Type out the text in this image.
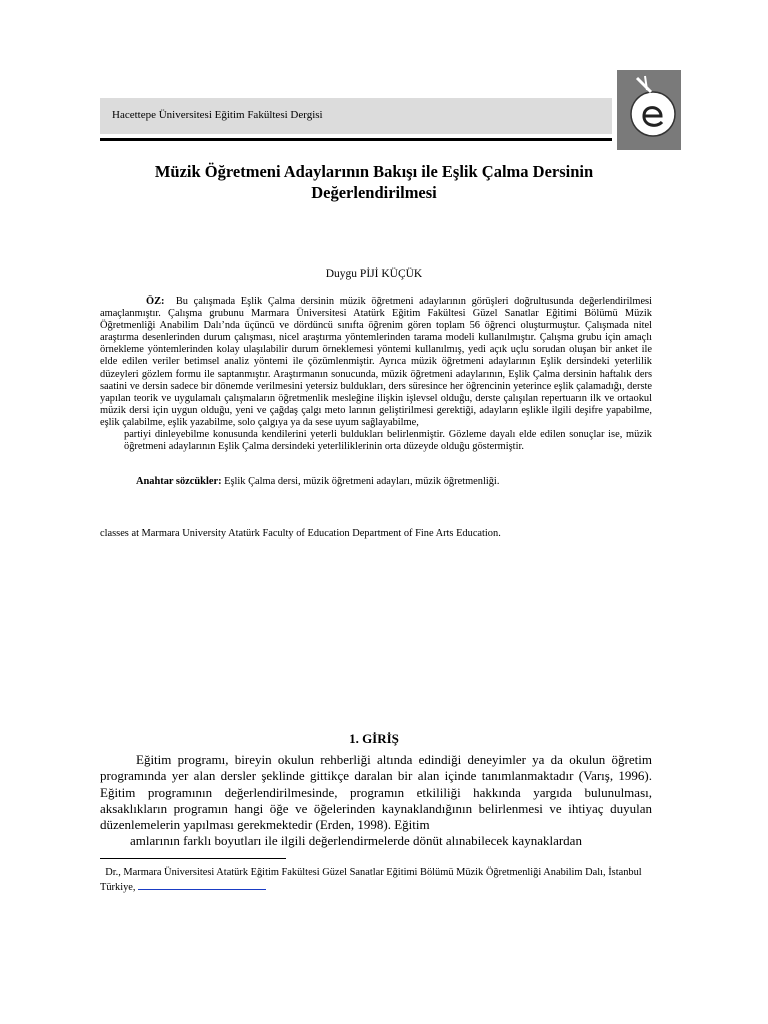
Hacettepe Üniversitesi Eğitim Fakültesi Dergisi
Müzik Öğretmeni Adaylarının Bakışı ile Eşlik Çalma Dersinin
Değerlendirilmesi
Duygu PİJİ KÜÇÜK

ÖZ: Bu çalışmada Eşlik Çalma dersinin müzik öğretmeni adaylarının görüşleri doğrultusunda değerlendirilmesi amaçlanmıştır. Çalışma grubunu Marmara Üniversitesi Atatürk Eğitim Fakültesi Güzel Sanatlar Eğitimi Bölümü Müzik Öğretmenliği Anabilim Dalı’nda üçüncü ve dördüncü sınıfta öğrenim gören toplam 56 öğrenci oluşturmuştur. Çalışmada nitel araştırma desenlerinden durum çalışması, nicel araştırma yöntemlerinden tarama modeli kullanılmıştır. Çalışma grubu için amaçlı örnekleme yöntemlerinden kolay ulaşılabilir durum örneklemesi yöntemi kullanılmış, yedi açık uçlu sorudan oluşan bir anket ile elde edilen veriler betimsel analiz yöntemi ile çözümlenmiştir. Ayrıca müzik öğretmeni adaylarının Eşlik dersindeki yeterlilik düzeyleri gözlem formu ile saptanmıştır. Araştırmanın sonucunda, müzik öğretmeni adaylarının, Eşlik Çalma dersinin haftalık ders saatini ve dersin sadece bir dönemde verilmesini yetersiz buldukları, ders süresince her öğrencinin yeterince eşlik çalamadığı, derste yapılan teorik ve uygulamalı çalışmaların öğretmenlik mesleğine ilişkin işlevsel olduğu, derste çalışılan repertuarın ilk ve ortaokul müzik dersi için uygun olduğu, yeni ve çağdaş çalgı meto larının geliştirilmesi gerektiği, adayların eşlikle ilgili deşifre yapabilme, eşlik çalabilme, eşlik yazabilme, solo çalgıya ya da sese uyum sağlayabilme,

partiyi dinleyebilme konusunda kendilerini yeterli buldukları belirlenmiştir. Gözleme dayalı elde edilen sonuçlar ise, müzik öğretmeni adaylarının Eşlik Çalma dersindeki yeterliliklerinin orta düzeyde olduğu göstermiştir.

Anahtar sözcükler: Eşlik Çalma dersi, müzik öğretmeni adayları, müzik öğretmenliği.
classes at Marmara University Atatürk Faculty of Education Department of Fine Arts Education.
1. GİRİŞ

Eğitim programı, bireyin okulun rehberliği altında edindiği deneyimler ya da okulun öğretim programında yer alan dersler şeklinde gittikçe daralan bir alan içinde tanımlanmaktadır (Varış, 1996). Eğitim programının değerlendirilmesinde, programın etkililiği hakkında yargıda bulunulması, aksaklıkların programın hangi öğe ve öğelerinden kaynaklandığının belirlenmesi ve ihtiyaç duyulan düzenlemelerin yapılması gerekmektedir (Erden, 1998). Eğitim

amlarının farklı boyutları ile ilgili değerlendirmelerde dönüt alınabilecek kaynaklardan

Dr., Marmara Üniversitesi Atatürk Eğitim Fakültesi Güzel Sanatlar Eğitimi Bölümü Müzik Öğretmenliği Anabilim Dalı, İstanbul Türkiye,
